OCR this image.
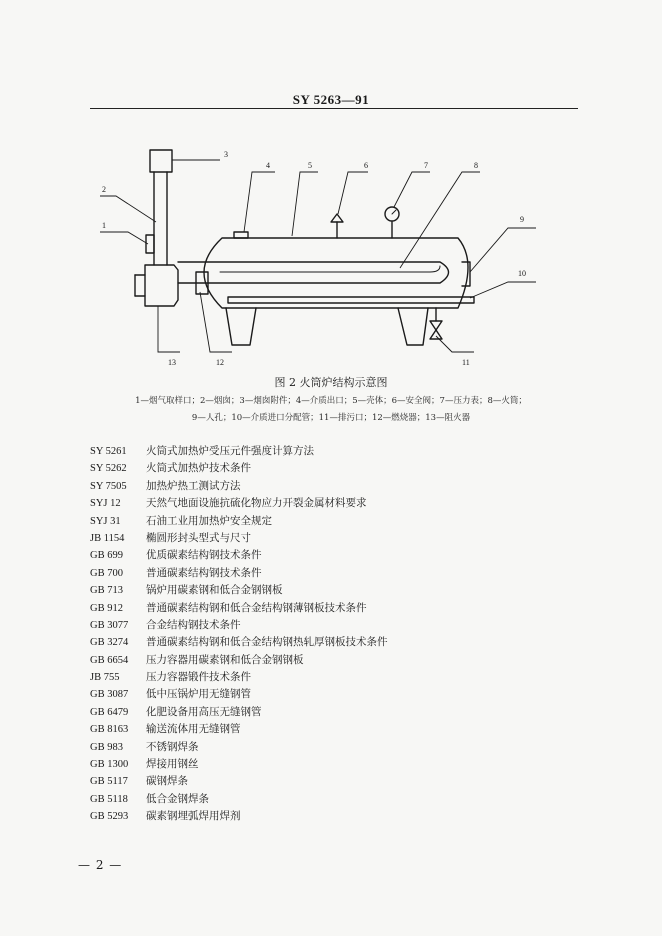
SY 5263—91
1
2
3
4	5	6	7	8
9
10
11
12
13
图 2 火筒炉结构示意图
1—烟气取样口；2—烟囱；3—烟囱附件；4—介质出口；5—壳体；6—安全阀；7—压力表；8—火筒；
9—人孔；10—介质进口分配管；11—排污口；12—燃烧器；13—阻火器
SY 5261 火筒式加热炉受压元件强度计算方法
SY 5262 火筒式加热炉技术条件
SY 7505 加热炉热工测试方法
SYJ 12 天然气地面设施抗硫化物应力开裂金属材料要求
SYJ 31 石油工业用加热炉安全规定
JB 1154 椭圆形封头型式与尺寸
GB 699 优质碳素结构钢技术条件
GB 700 普通碳素结构钢技术条件
GB 713 锅炉用碳素钢和低合金钢钢板
GB 912 普通碳素结构钢和低合金结构钢薄钢板技术条件
GB 3077 合金结构钢技术条件
GB 3274 普通碳素结构钢和低合金结构钢热轧厚钢板技术条件
GB 6654 压力容器用碳素钢和低合金钢钢板
JB 755	压力容器锻件技术条件
GB 3087 低中压锅炉用无缝钢管
GB 6479 化肥设备用高压无缝钢管
GB 8163 输送流体用无缝钢管
GB 983 不锈钢焊条
GB 1300 焊接用钢丝
GB 5117 碳钢焊条
GB 5118 低合金钢焊条
GB 5293 碳素钢埋弧焊用焊剂
— 2 —
